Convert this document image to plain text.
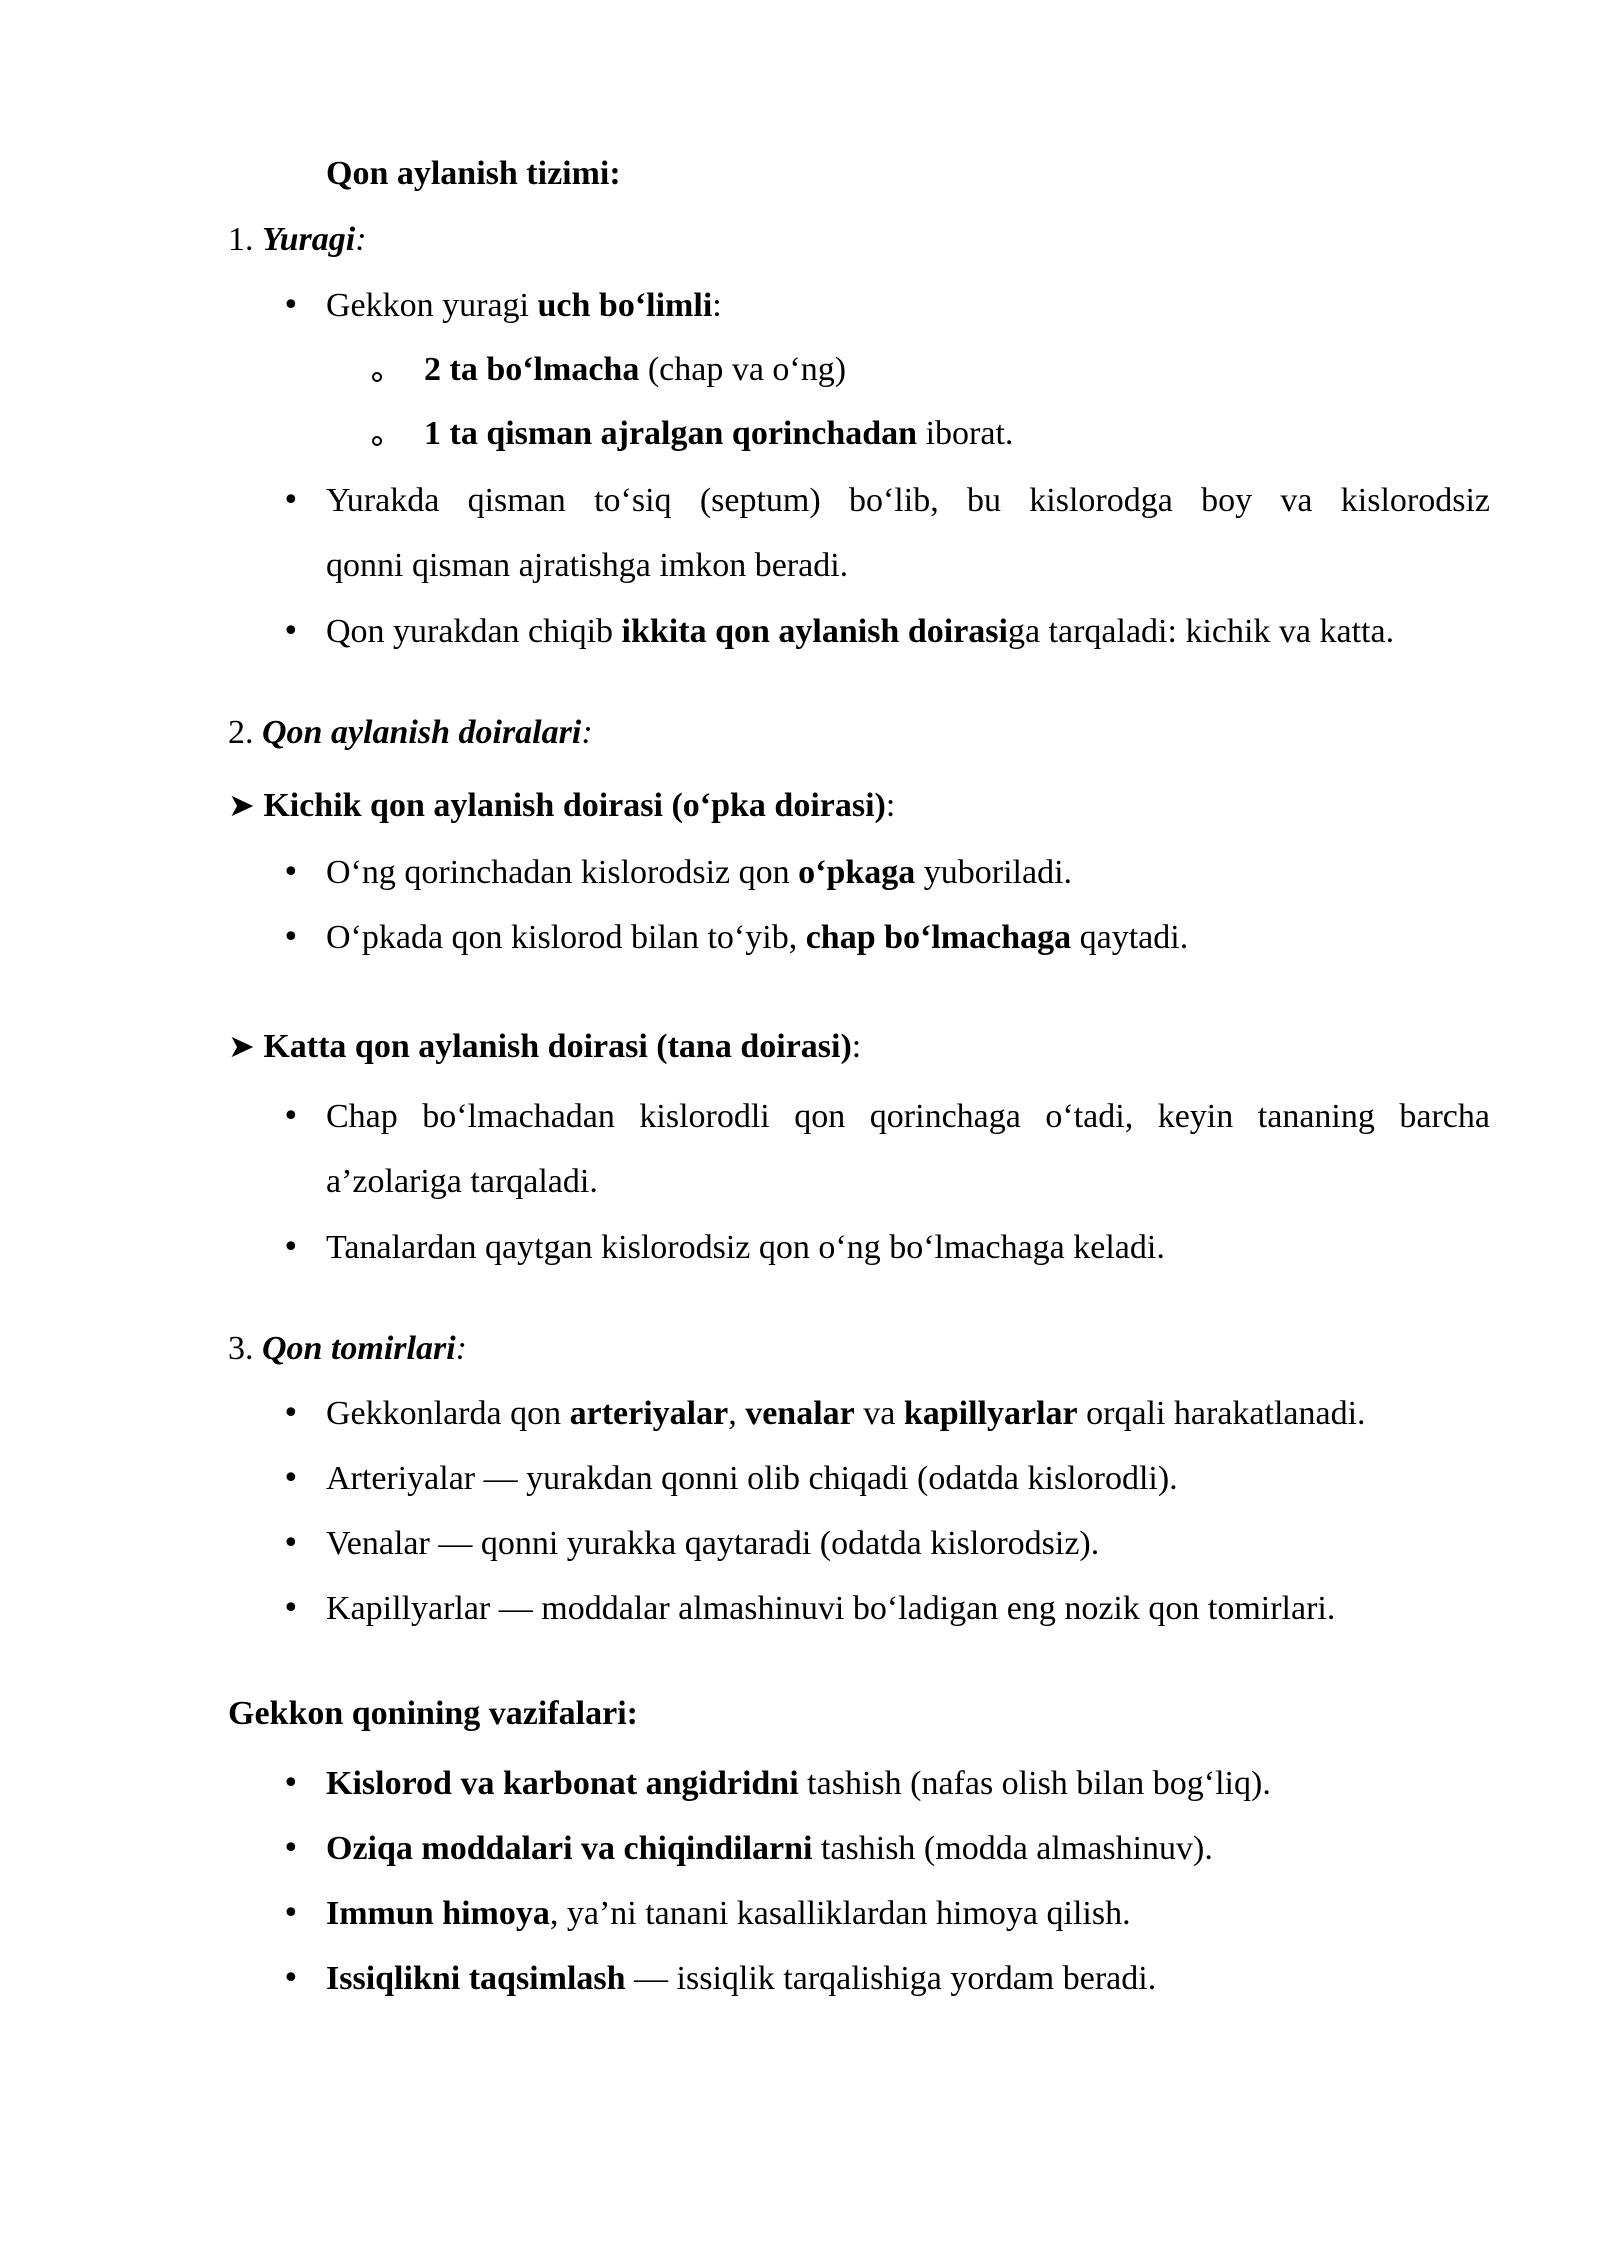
Qon aylanish tizimi:
1. Yuragi:
• Gekkon yuragi uch bo‘limli:
2 ta bo‘lmacha (chap va o‘ng)
1 ta qisman ajralgan qorinchadan iborat.
• Yurakda qisman to‘siq (septum) bo‘lib, bu kislorodga boy va kislorodsiz
qonni qisman ajratishga imkon beradi.
• Qon yurakdan chiqib ikkita qon aylanish doirasiga tarqaladi: kichik va katta.
2. Qon aylanish doiralari:
➤ Kichik qon aylanish doirasi (o‘pka doirasi):
• O‘ng qorinchadan kislorodsiz qon o‘pkaga yuboriladi.
• O‘pkada qon kislorod bilan to‘yib, chap bo‘lmachaga qaytadi.
➤ Katta qon aylanish doirasi (tana doirasi):
• Chap bo‘lmachadan kislorodli qon qorinchaga o‘tadi, keyin tananing barcha
a’zolariga tarqaladi.
• Tanalardan qaytgan kislorodsiz qon o‘ng bo‘lmachaga keladi.
3. Qon tomirlari:
• Gekkonlarda qon arteriyalar, venalar va kapillyarlar orqali harakatlanadi.
• Arteriyalar — yurakdan qonni olib chiqadi (odatda kislorodli).
• Venalar — qonni yurakka qaytaradi (odatda kislorodsiz).
• Kapillyarlar — moddalar almashinuvi bo‘ladigan eng nozik qon tomirlari.
Gekkon qonining vazifalari:
• Kislorod va karbonat angidridni tashish (nafas olish bilan bog‘liq).
• Oziqa moddalari va chiqindilarni tashish (modda almashinuv).
• Immun himoya, ya’ni tanani kasalliklardan himoya qilish.
• Issiqlikni taqsimlash — issiqlik tarqalishiga yordam beradi.
